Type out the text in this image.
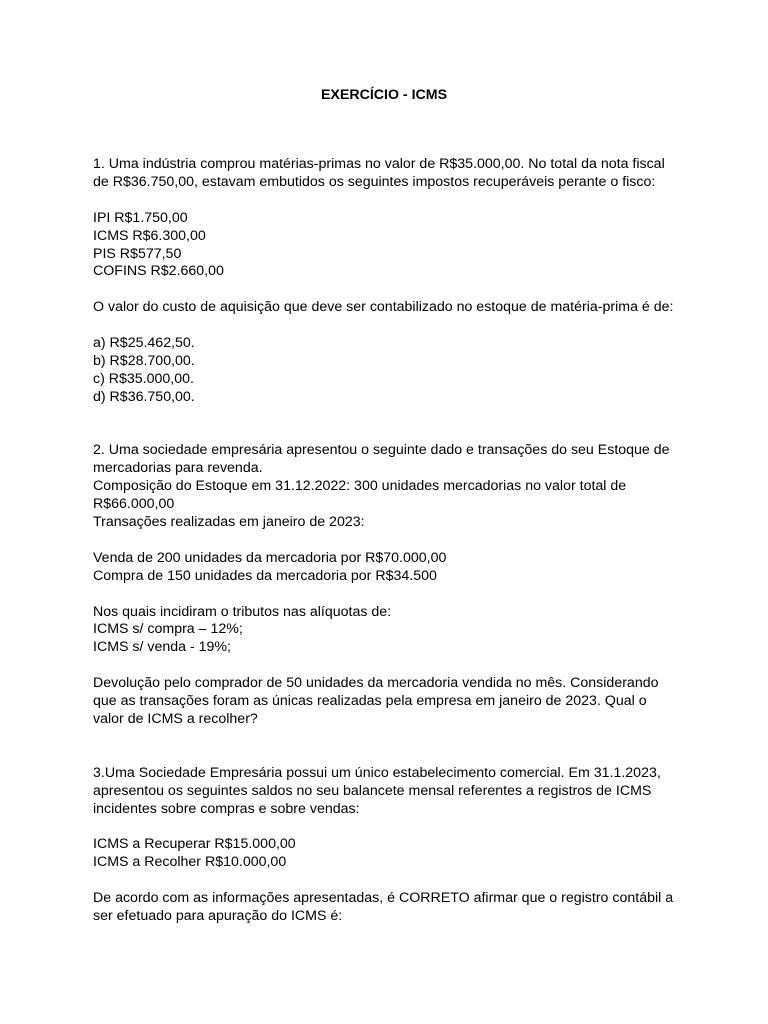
EXERCÍCIO - ICMS

1. Uma indústria comprou matérias-primas no valor de R$35.000,00. No total da nota fiscal

de R$36.750,00, estavam embutidos os seguintes impostos recuperáveis perante o fisco:

IPI R$1.750,00

ICMS R$6.300,00

PIS R$577,50

COFINS R$2.660,00

O valor do custo de aquisição que deve ser contabilizado no estoque de matéria-prima é de:

a) R$25.462,50.

b) R$28.700,00.

c) R$35.000,00.

d) R$36.750,00.

2. Uma sociedade empresária apresentou o seguinte dado e transações do seu Estoque de

mercadorias para revenda.

Composição do Estoque em 31.12.2022: 300 unidades mercadorias no valor total de

R$66.000,00

Transações realizadas em janeiro de 2023:

Venda de 200 unidades da mercadoria por R$70.000,00

Compra de 150 unidades da mercadoria por R$34.500

Nos quais incidiram o tributos nas alíquotas de:

ICMS s/ compra – 12%;

ICMS s/ venda - 19%;

Devolução pelo comprador de 50 unidades da mercadoria vendida no mês. Considerando

que as transações foram as únicas realizadas pela empresa em janeiro de 2023. Qual o

valor de ICMS a recolher?

3.Uma Sociedade Empresária possui um único estabelecimento comercial. Em 31.1.2023,

apresentou os seguintes saldos no seu balancete mensal referentes a registros de ICMS

incidentes sobre compras e sobre vendas:

ICMS a Recuperar R$15.000,00

ICMS a Recolher R$10.000,00

De acordo com as informações apresentadas, é CORRETO afirmar que o registro contábil a

ser efetuado para apuração do ICMS é:
